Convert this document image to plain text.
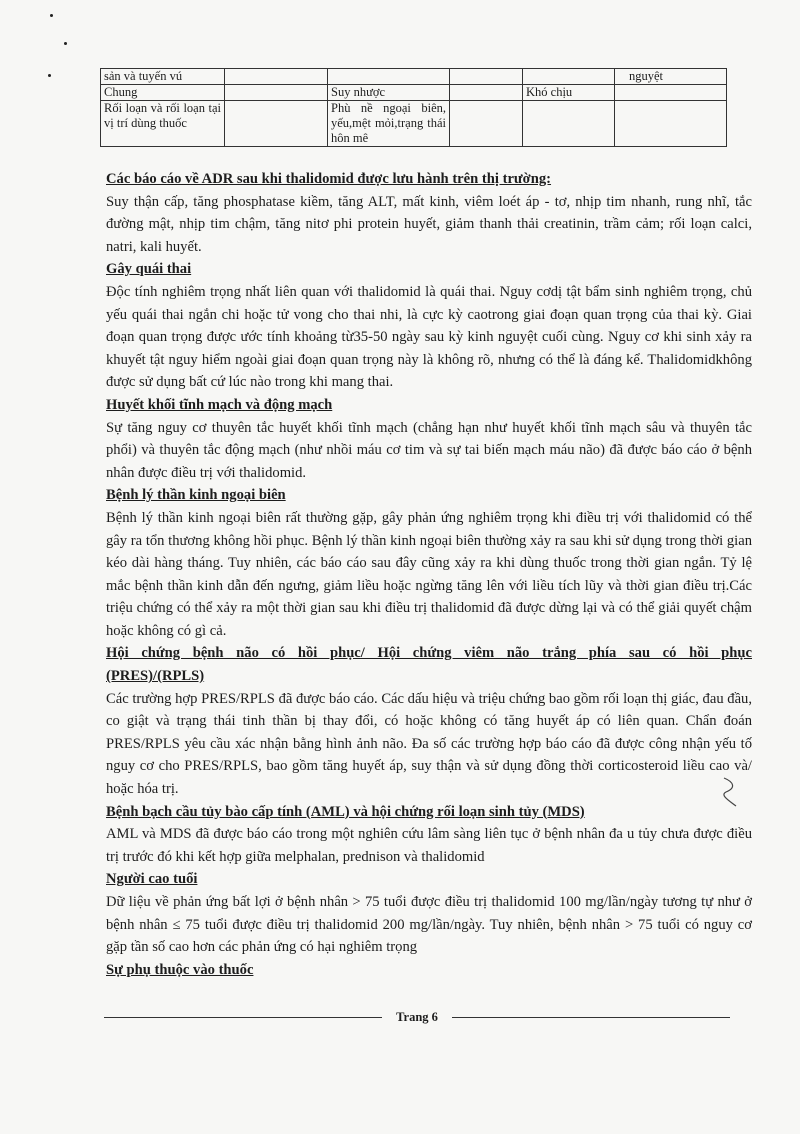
sản và tuyến vú					nguyệt
Chung		Suy nhược		Khó chịu	
Rối loạn và rối loạn tại vị trí dùng thuốc		Phù nề ngoại biên, yếu,mệt mỏi,trạng thái hôn mê			
Các báo cáo về ADR sau khi thalidomid được lưu hành trên thị trường:

Suy thận cấp, tăng phosphatase kiềm, tăng ALT, mất kinh, viêm loét áp - tơ, nhịp tim nhanh, rung nhĩ, tắc đường mật, nhịp tim chậm, tăng nitơ phi protein huyết, giảm thanh thải creatinin, trầm cảm; rối loạn calci, natri, kali huyết.

Gây quái thai

Độc tính nghiêm trọng nhất liên quan với thalidomid là quái thai. Nguy cơdị tật bẩm sinh nghiêm trọng, chủ yếu quái thai ngắn chi hoặc tử vong cho thai nhi, là cực kỳ caotrong giai đoạn quan trọng của thai kỳ. Giai đoạn quan trọng được ước tính khoảng từ35-50 ngày sau kỳ kinh nguyệt cuối cùng. Nguy cơ khi sinh xảy ra khuyết tật nguy hiểm ngoài giai đoạn quan trọng này là không rõ, nhưng có thể là đáng kể. Thalidomidkhông được sử dụng bất cứ lúc nào trong khi mang thai.

Huyết khối tĩnh mạch và động mạch

Sự tăng nguy cơ thuyên tắc huyết khối tĩnh mạch (chẳng hạn như huyết khối tĩnh mạch sâu và thuyên tắc phổi) và thuyên tắc động mạch (như nhồi máu cơ tim và sự tai biến mạch máu não) đã được báo cáo ở bệnh nhân được điều trị với thalidomid.

Bệnh lý thần kinh ngoại biên

Bệnh lý thần kinh ngoại biên rất thường gặp, gây phản ứng nghiêm trọng khi điều trị với thalidomid có thể gây ra tổn thương không hồi phục. Bệnh lý thần kinh ngoại biên thường xảy ra sau khi sử dụng trong thời gian kéo dài hàng tháng. Tuy nhiên, các báo cáo sau đây cũng xảy ra khi dùng thuốc trong thời gian ngắn. Tỷ lệ mắc bệnh thần kinh dẫn đến ngưng, giảm liều hoặc ngừng tăng lên với liều tích lũy và thời gian điều trị.Các triệu chứng có thể xảy ra một thời gian sau khi điều trị thalidomid đã được dừng lại và có thể giải quyết chậm hoặc không có gì cả.

Hội chứng bệnh não có hồi phục/ Hội chứng viêm não trắng phía sau có hồi phục
(PRES)/(RPLS)

Các trường hợp PRES/RPLS đã được báo cáo. Các dấu hiệu và triệu chứng bao gồm rối loạn thị giác, đau đầu, co giật và trạng thái tinh thần bị thay đổi, có hoặc không có tăng huyết áp có liên quan. Chẩn đoán PRES/RPLS yêu cầu xác nhận bằng hình ảnh não. Đa số các trường hợp báo cáo đã được công nhận yếu tố nguy cơ cho PRES/RPLS, bao gồm tăng huyết áp, suy thận và sử dụng đồng thời corticosteroid liều cao và/ hoặc hóa trị.

Bệnh bạch cầu tủy bào cấp tính (AML) và hội chứng rối loạn sinh tủy (MDS)

AML và MDS đã được báo cáo trong một nghiên cứu lâm sàng liên tục ở bệnh nhân đa u tủy chưa được điều trị trước đó khi kết hợp giữa melphalan, prednison và thalidomid

Người cao tuổi

Dữ liệu về phản ứng bất lợi ở bệnh nhân > 75 tuổi được điều trị thalidomid 100 mg/lần/ngày tương tự như ở bệnh nhân ≤ 75 tuổi được điều trị thalidomid 200 mg/lần/ngày. Tuy nhiên, bệnh nhân > 75 tuổi có nguy cơ gặp tần số cao hơn các phản ứng có hại nghiêm trọng

Sự phụ thuộc vào thuốc
Trang 6
